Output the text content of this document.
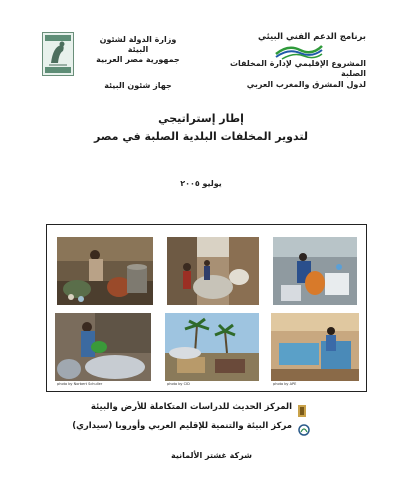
برنامج الدعم الفني البيئي
المشروع الإقليمي لإدارة المخلفات الصلبة
لدول المشرق والمغرب العربي
وزارة الدولة لشئون البيئة
جمهورية مصر العربية
جهاز شئون البيئة
إطار إستراتيجي
لتدوير المخلفات البلدية الصلبة في مصر
يوليو ٢٠٠٥
photo by Norbert Schuller	photo by CID	photo by APE
المركز الحديث للدراسات المتكاملة للأرض والبيئة
مركز البيئة والتنمية للإقليم العربي وأوروبا (سيداري)
شركة غشتر الألمانية
